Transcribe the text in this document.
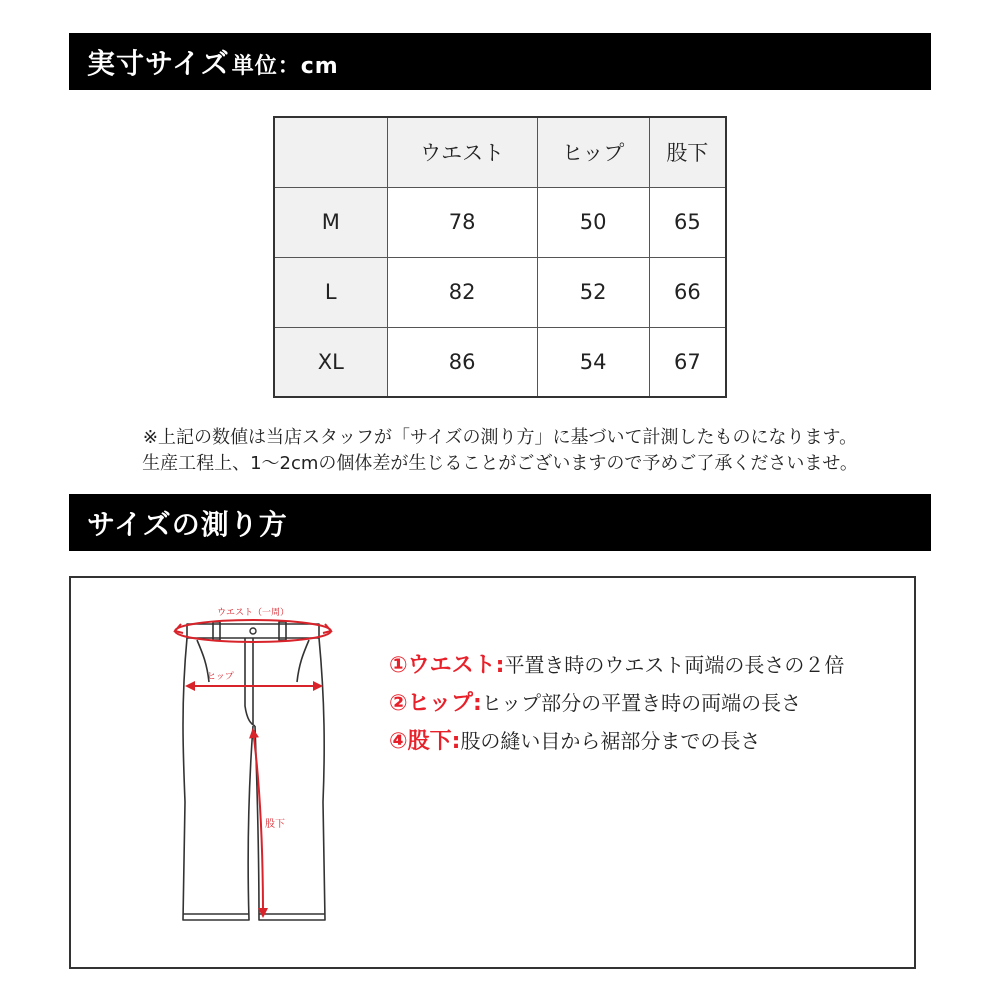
実寸サイズ単位：cm
	ウエスト	ヒップ	股下
M	78	50	65
L	82	52	66
XL	86	54	67
※上記の数値は当店スタッフが「サイズの測り方」に基づいて計測したものになります。
生産工程上、1〜2cmの個体差が生じることがございますので予めご了承くださいませ。
サイズの測り方
ウエスト（一周）
ヒップ
股下
①ウエスト: 平置き時のウエスト両端の長さの２倍
②ヒップ: ヒップ部分の平置き時の両端の長さ
④股下: 股の縫い目から裾部分までの長さ
